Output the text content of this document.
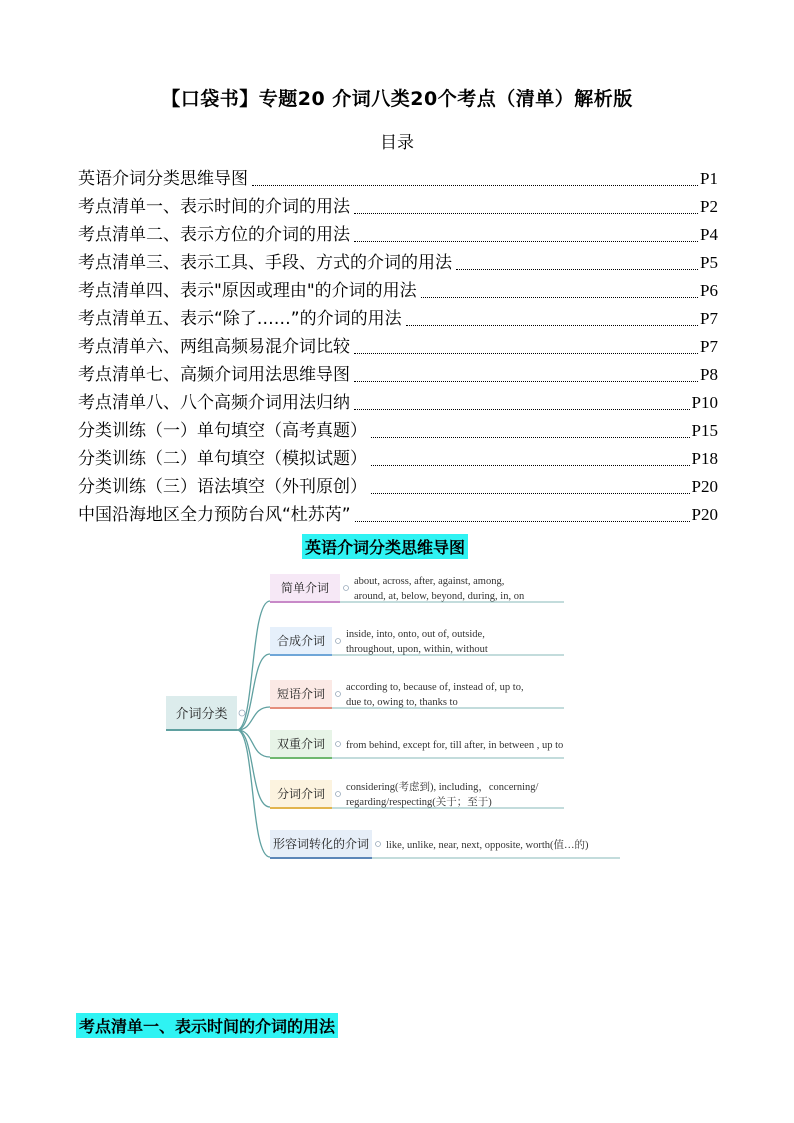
【口袋书】专题20 介词八类20个考点（清单）解析版
目录
英语介词分类思维导图	P1
考点清单一、表示时间的介词的用法	P2
考点清单二、表示方位的介词的用法	P4
考点清单三、表示工具、手段、方式的介词的用法	P5
考点清单四、表示"原因或理由"的介词的用法	P6
考点清单五、表示“除了……”的介词的用法	P7
考点清单六、两组高频易混介词比较	P7
考点清单七、高频介词用法思维导图	P8
考点清单八、八个高频介词用法归纳	P10
分类训练（一）单句填空（高考真题）	P15
分类训练（二）单句填空（模拟试题）	P18
分类训练（三）语法填空（外刊原创）	P20
中国沿海地区全力预防台风“杜苏芮”	P20
英语介词分类思维导图
介词分类
简单介词 about, across, after, against, among,
around, at, below, beyond, during, in, on
合成介词 inside, into, onto, out of, outside,
throughout, upon, within, without
短语介词 according to, because of, instead of, up to,
due to, owing to, thanks to
双重介词 from behind, except for, till after, in between , up to
分词介词 considering(考虑到), including，concerning/
regarding/respecting(关于；至于)
形容词转化的介词 like, unlike, near, next, opposite, worth(值…的)
考点清单一、表示时间的介词的用法
